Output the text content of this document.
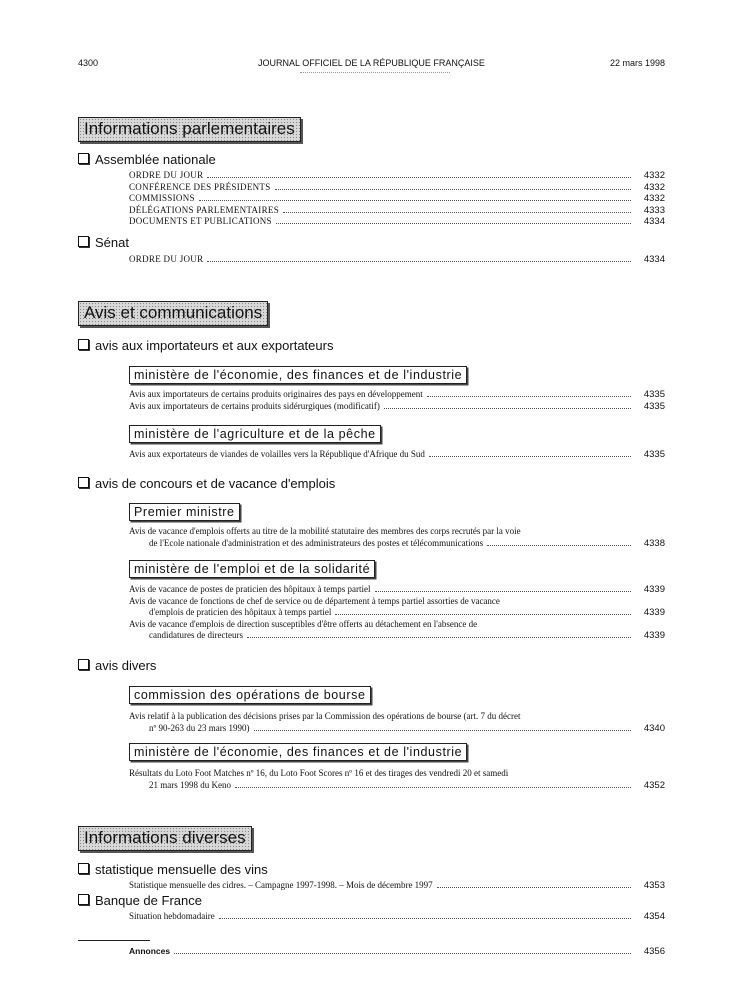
4300	JOURNAL OFFICIEL DE LA RÉPUBLIQUE FRANÇAISE	22 mars 1998
Informations parlementaires
Assemblée nationale
ORDRE DU JOUR	4332
CONFÉRENCE DES PRÉSIDENTS	4332
COMMISSIONS	4332
DÉLÉGATIONS PARLEMENTAIRES	4333
DOCUMENTS ET PUBLICATIONS	4334
Sénat
ORDRE DU JOUR	4334
Avis et communications
avis aux importateurs et aux exportateurs
ministère de l'économie, des finances et de l'industrie
Avis aux importateurs de certains produits originaires des pays en développement	4335
Avis aux importateurs de certains produits sidérurgiques (modificatif)	4335
ministère de l'agriculture et de la pêche
Avis aux exportateurs de viandes de volailles vers la République d'Afrique du Sud	4335
avis de concours et de vacance d'emplois
Premier ministre
Avis de vacance d'emplois offerts au titre de la mobilité statutaire des membres des corps recrutés par la voie
de l'Ecole nationale d'administration et des administrateurs des postes et télécommunications	4338
ministère de l'emploi et de la solidarité
Avis de vacance de postes de praticien des hôpitaux à temps partiel	4339
Avis de vacance de fonctions de chef de service ou de département à temps partiel assorties de vacance
d'emplois de praticien des hôpitaux à temps partiel	4339
Avis de vacance d'emplois de direction susceptibles d'être offerts au détachement en l'absence de
candidatures de directeurs	4339
avis divers
commission des opérations de bourse
Avis relatif à la publication des décisions prises par la Commission des opérations de bourse (art. 7 du décret
nº 90-263 du 23 mars 1990)	4340
ministère de l'économie, des finances et de l'industrie
Résultats du Loto Foot Matches nº 16, du Loto Foot Scores nº 16 et des tirages des vendredi 20 et samedi
21 mars 1998 du Keno	4352
Informations diverses
statistique mensuelle des vins
Statistique mensuelle des cidres. – Campagne 1997-1998. – Mois de décembre 1997	4353
Banque de France
Situation hebdomadaire	4354
Annonces	4356
